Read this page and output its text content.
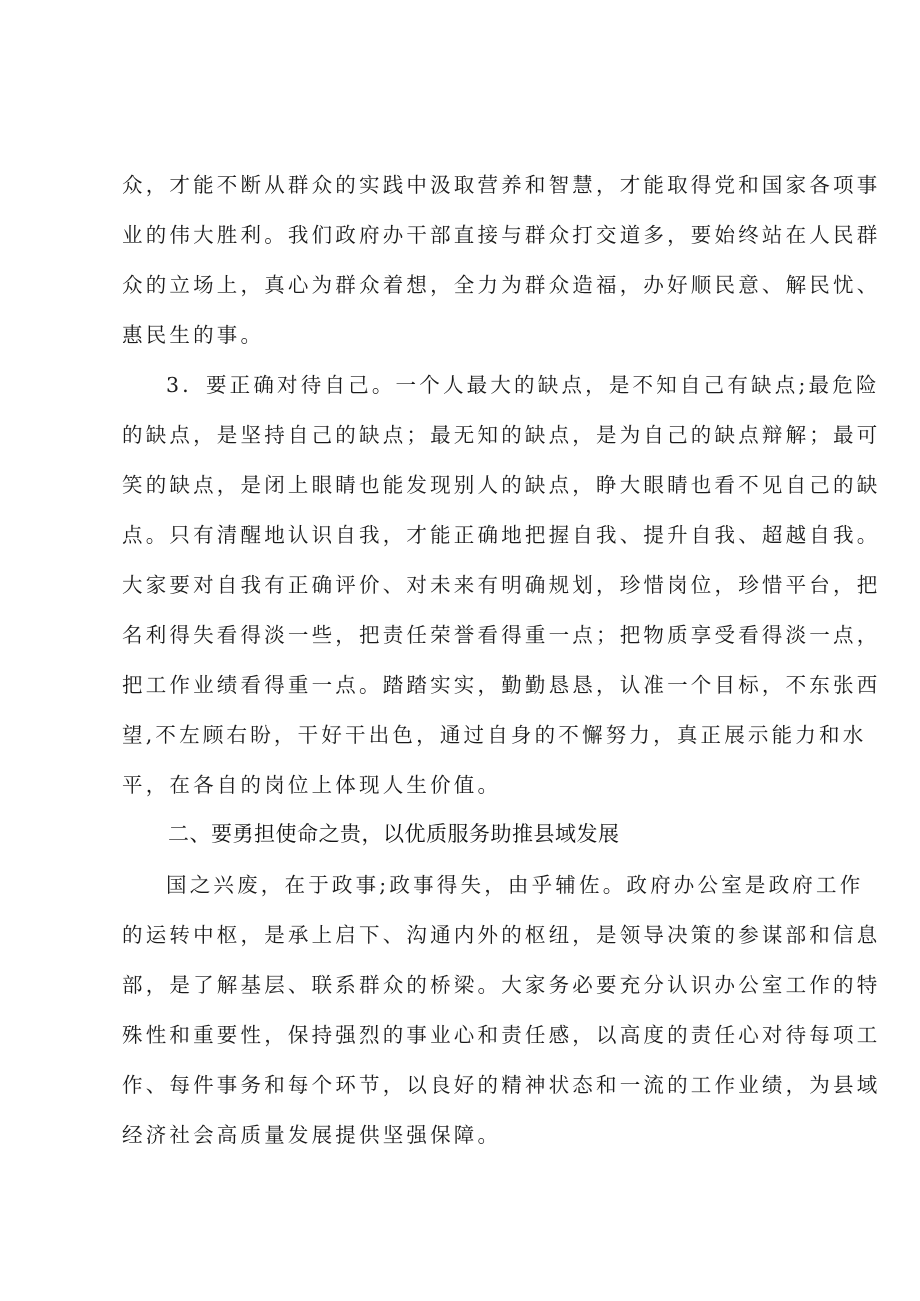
众，才能不断从群众的实践中汲取营养和智慧，才能取得党和国家各项事
业的伟大胜利。我们政府办干部直接与群众打交道多，要始终站在人民群
众的立场上，真心为群众着想，全力为群众造福，办好顺民意、解民忧、
惠民生的事。
3．要正确对待自己。一个人最大的缺点，是不知自己有缺点;最危险
的缺点，是坚持自己的缺点；最无知的缺点，是为自己的缺点辩解；最可
笑的缺点，是闭上眼睛也能发现别人的缺点，睁大眼睛也看不见自己的缺
点。只有清醒地认识自我，才能正确地把握自我、提升自我、超越自我。
大家要对自我有正确评价、对未来有明确规划，珍惜岗位，珍惜平台，把
名利得失看得淡一些，把责任荣誉看得重一点；把物质享受看得淡一点，
把工作业绩看得重一点。踏踏实实，勤勤恳恳，认准一个目标，不东张西
望,不左顾右盼，干好干出色，通过自身的不懈努力，真正展示能力和水
平，在各自的岗位上体现人生价值。
二、要勇担使命之贵，以优质服务助推县域发展
国之兴废，在于政事;政事得失，由乎辅佐。政府办公室是政府工作
的运转中枢，是承上启下、沟通内外的枢纽，是领导决策的参谋部和信息
部，是了解基层、联系群众的桥梁。大家务必要充分认识办公室工作的特
殊性和重要性，保持强烈的事业心和责任感，以高度的责任心对待每项工
作、每件事务和每个环节，以良好的精神状态和一流的工作业绩，为县域
经济社会高质量发展提供坚强保障。
